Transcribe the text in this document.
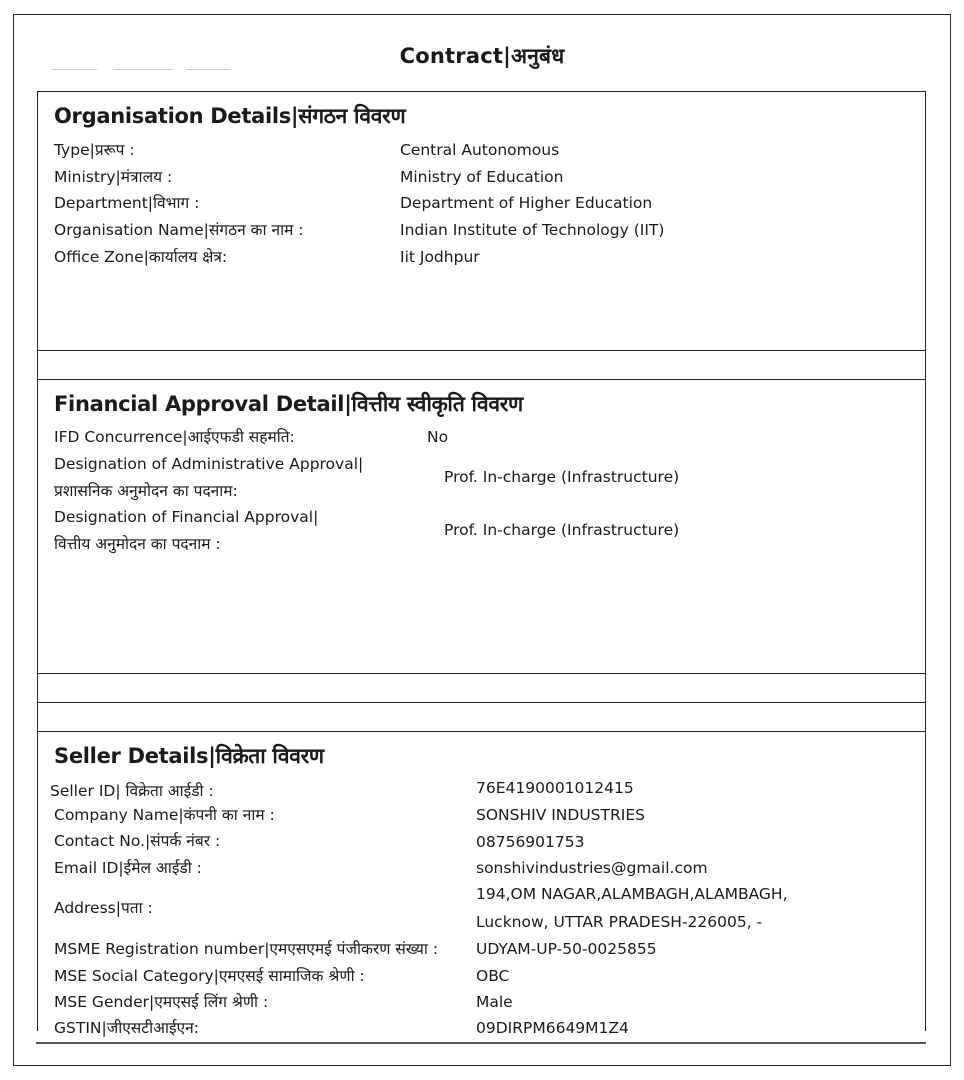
Contract|अनुबंध
Organisation Details|संगठन विवरण
Type|प्ररूप :	Central Autonomous
Ministry|मंत्रालय :	Ministry of Education
Department|विभाग :	Department of Higher Education
Organisation Name|संगठन का नाम :	Indian Institute of Technology (IIT)
Office Zone|कार्यालय क्षेत्र:	Iit Jodhpur
Financial Approval Detail|वित्तीय स्वीकृति विवरण
IFD Concurrence|आईएफडी सहमति:	No
Designation of Administrative Approval|
प्रशासनिक अनुमोदन का पदनाम:
Prof. In-charge (Infrastructure)
Designation of Financial Approval|
वित्तीय अनुमोदन का पदनाम :
Prof. In-charge (Infrastructure)
Seller Details|विक्रेता विवरण
Seller ID| विक्रेता आईडी :	76E4190001012415
Company Name|कंपनी का नाम :	SONSHIV INDUSTRIES
Contact No.|संपर्क नंबर :	08756901753
Email ID|ईमेल आईडी :	sonshivindustries@gmail.com
Address|पता :
194,OM NAGAR,ALAMBAGH,ALAMBAGH,
Lucknow, UTTAR PRADESH-226005, -
MSME Registration number|एमएसएमई पंजीकरण संख्या : UDYAM-UP-50-0025855
MSE Social Category|एमएसई सामाजिक श्रेणी :	OBC
MSE Gender|एमएसई लिंग श्रेणी :	Male
GSTIN|जीएसटीआईएन:	09DIRPM6649M1Z4
